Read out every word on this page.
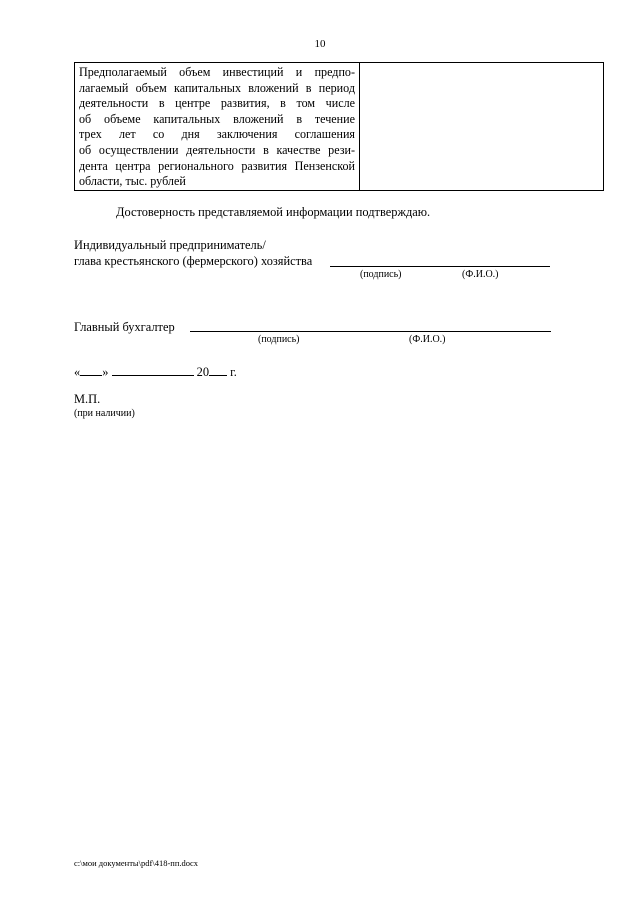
10
Предполагаемый объем инвестиций и предпо-
лагаемый объем капитальных вложений в период
деятельности в центре развития, в том числе
об объеме капитальных вложений в течение
трех лет со дня заключения соглашения
об осуществлении деятельности в качестве рези-
дента центра регионального развития Пензенской
области, тыс. рублей

Достоверность представляемой информации подтверждаю.
Индивидуальный предприниматель/
глава крестьянского (фермерского) хозяйства
(подпись)	(Ф.И.О.)
Главный бухгалтер
(подпись)	(Ф.И.О.)
« »	20 г.
М.П.
(при наличии)
c:\мои документы\pdf\418-пп.docx
